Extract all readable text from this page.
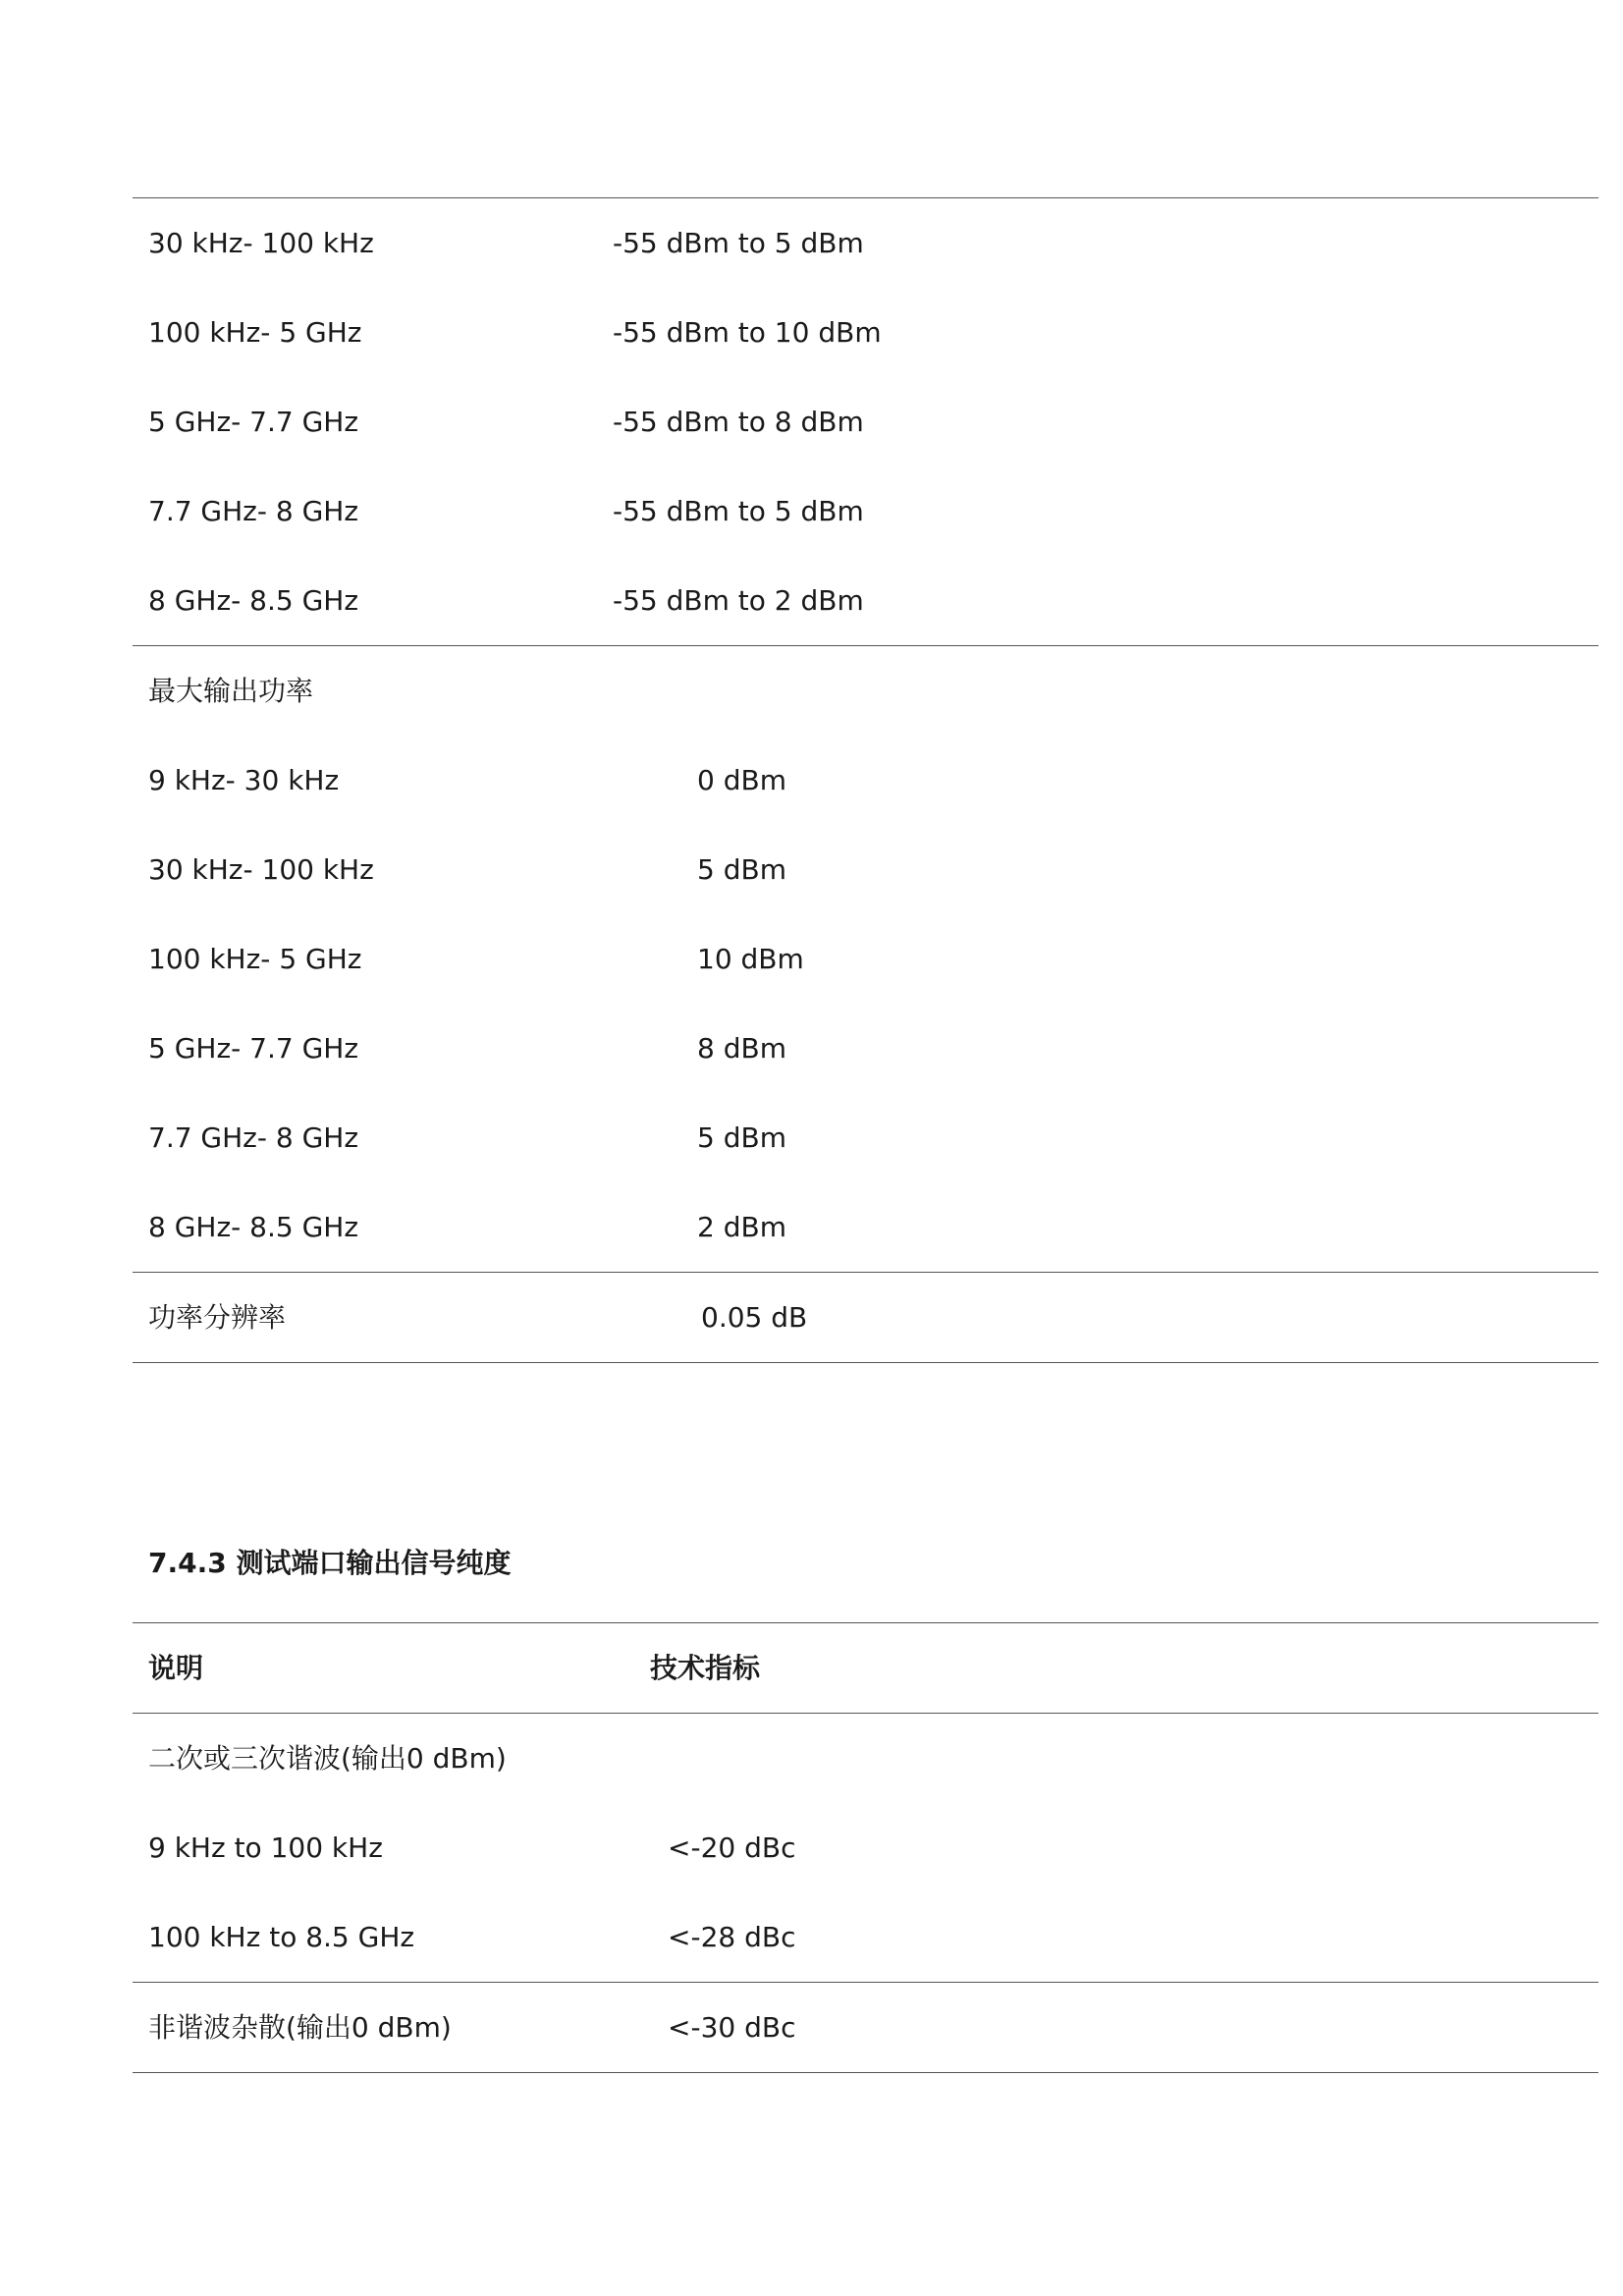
30 kHz- 100 kHz	-55 dBm to 5 dBm
100 kHz- 5 GHz	-55 dBm to 10 dBm
5 GHz- 7.7 GHz	-55 dBm to 8 dBm
7.7 GHz- 8 GHz	-55 dBm to 5 dBm
8 GHz- 8.5 GHz	-55 dBm to 2 dBm
最大输出功率
9 kHz- 30 kHz	0 dBm
30 kHz- 100 kHz	5 dBm
100 kHz- 5 GHz	10 dBm
5 GHz- 7.7 GHz	8 dBm
7.7 GHz- 8 GHz	5 dBm
8 GHz- 8.5 GHz	2 dBm
功率分辨率	0.05 dB
7.4.3 测试端口输出信号纯度
说明	技术指标
二次或三次谐波(输出0 dBm)
9 kHz to 100 kHz	<-20 dBc
100 kHz to 8.5 GHz	<-28 dBc
非谐波杂散(输出0 dBm)	<-30 dBc
